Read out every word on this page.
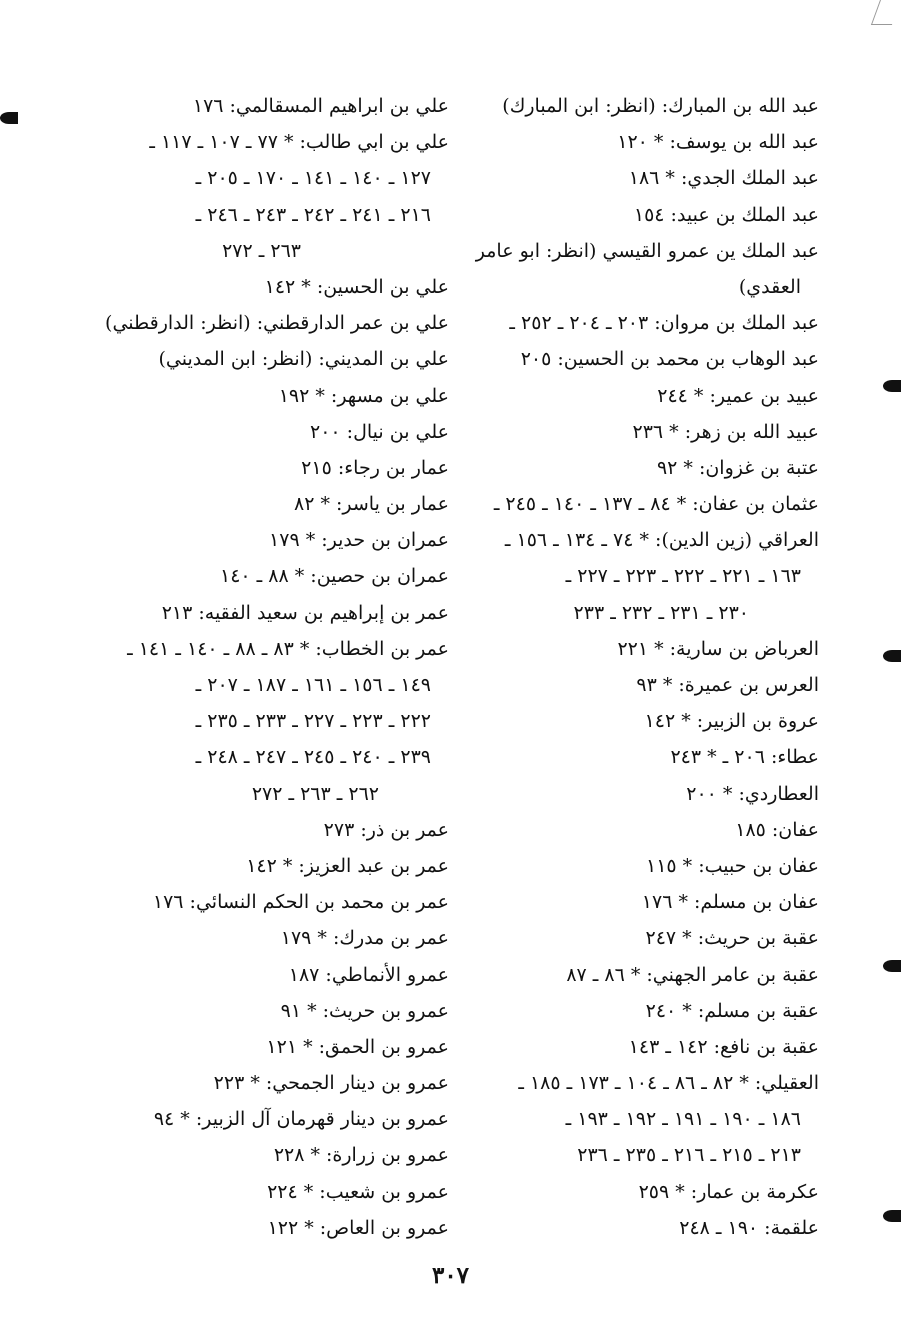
عبد الله بن المبارك: (انظر: ابن المبارك)
عبد الله بن يوسف: * ١٢٠
عبد الملك الجدي: * ١٨٦
عبد الملك بن عبيد: ١٥٤
عبد الملك ين عمرو القيسي (انظر: ابو عامر
العقدي)
عبد الملك بن مروان: ٢٠٣ ـ ٢٠٤ ـ ٢٥٢ ـ
عبد الوهاب بن محمد بن الحسين: ٢٠٥
عبيد بن عمير: * ٢٤٤
عبيد الله بن زهر: * ٢٣٦
عتبة بن غزوان: * ٩٢
عثمان بن عفان: * ٨٤ ـ ١٣٧ ـ ١٤٠ ـ ٢٤٥ ـ
العراقي (زين الدين): * ٧٤ ـ ١٣٤ ـ ١٥٦ ـ
١٦٣ ـ ٢٢١ ـ ٢٢٢ ـ ٢٢٣ ـ ٢٢٧ ـ
٢٣٠ ـ ٢٣١ ـ ٢٣٢ ـ ٢٣٣
العرباض بن سارية: * ٢٢١
العرس بن عميرة: * ٩٣
عروة بن الزبير: * ١٤٢
عطاء: ٢٠٦ ـ * ٢٤٣
العطاردي: * ٢٠٠
عفان: ١٨٥
عفان بن حبيب: * ١١٥
عفان بن مسلم: * ١٧٦
عقبة بن حريث: * ٢٤٧
عقبة بن عامر الجهني: * ٨٦ ـ ٨٧
عقبة بن مسلم: * ٢٤٠
عقبة بن نافع: ١٤٢ ـ ١٤٣
العقيلي: * ٨٢ ـ ٨٦ ـ ١٠٤ ـ ١٧٣ ـ ١٨٥ ـ
١٨٦ ـ ١٩٠ ـ ١٩١ ـ ١٩٢ ـ ١٩٣ ـ
٢١٣ ـ ٢١٥ ـ ٢١٦ ـ ٢٣٥ ـ ٢٣٦
عكرمة بن عمار: * ٢٥٩
علقمة: ١٩٠ ـ ٢٤٨
علي بن ابراهيم المسقالمي: ١٧٦
علي بن ابي طالب: * ٧٧ ـ ١٠٧ ـ ١١٧ ـ
١٢٧ ـ ١٤٠ ـ ١٤١ ـ ١٧٠ ـ ٢٠٥ ـ
٢١٦ ـ ٢٤١ ـ ٢٤٢ ـ ٢٤٣ ـ ٢٤٦ ـ
٢٦٣ ـ ٢٧٢
علي بن الحسين: * ١٤٢
علي بن عمر الدارقطني: (انظر: الدارقطني)
علي بن المديني: (انظر: ابن المديني)
علي بن مسهر: * ١٩٢
علي بن نيال: ٢٠٠
عمار بن رجاء: ٢١٥
عمار بن ياسر: * ٨٢
عمران بن حدير: * ١٧٩
عمران بن حصين: * ٨٨ ـ ١٤٠
عمر بن إبراهيم بن سعيد الفقيه: ٢١٣
عمر بن الخطاب: * ٨٣ ـ ٨٨ ـ ١٤٠ ـ ١٤١ ـ
١٤٩ ـ ١٥٦ ـ ١٦١ ـ ١٨٧ ـ ٢٠٧ ـ
٢٢٢ ـ ٢٢٣ ـ ٢٢٧ ـ ٢٣٣ ـ ٢٣٥ ـ
٢٣٩ ـ ٢٤٠ ـ ٢٤٥ ـ ٢٤٧ ـ ٢٤٨ ـ
٢٦٢ ـ ٢٦٣ ـ ٢٧٢
عمر بن ذر: ٢٧٣
عمر بن عبد العزيز: * ١٤٢
عمر بن محمد بن الحكم النسائي: ١٧٦
عمر بن مدرك: * ١٧٩
عمرو الأنماطي: ١٨٧
عمرو بن حريث: * ٩١
عمرو بن الحمق: * ١٢١
عمرو بن دينار الجمحي: * ٢٢٣
عمرو بن دينار قهرمان آل الزبير: * ٩٤
عمرو بن زرارة: * ٢٢٨
عمرو بن شعيب: * ٢٢٤
عمرو بن العاص: * ١٢٢
٣٠٧
